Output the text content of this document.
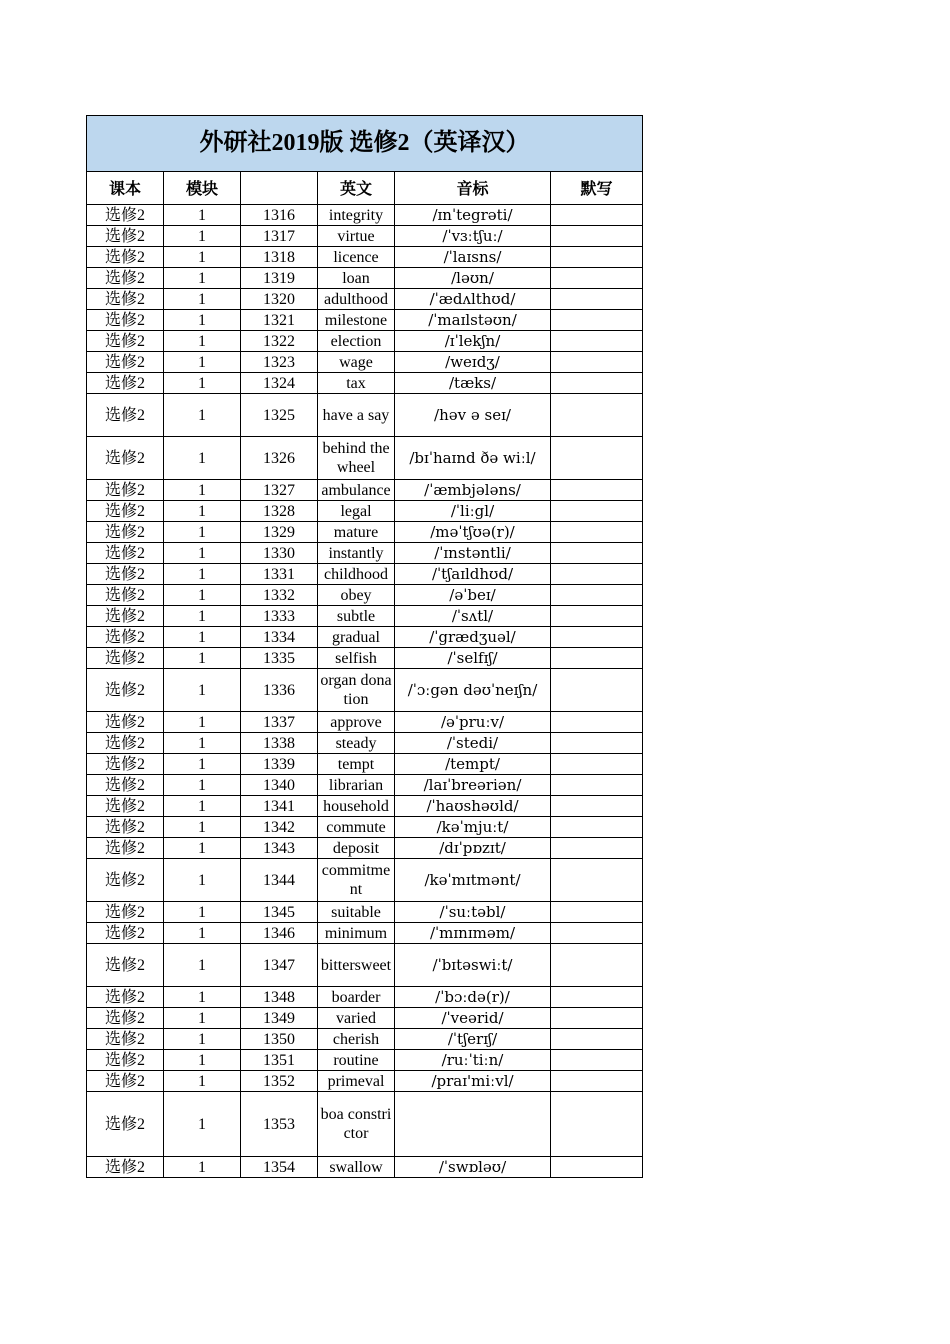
外研社2019版 选修2（英译汉）					
课本	模块		英文	音标	默写
选修2	1	1316	integrity	/ɪnˈtegrəti/	
选修2	1	1317	virtue	/ˈvɜːtʃuː/	
选修2	1	1318	licence	/ˈlaɪsns/	
选修2	1	1319	loan	/ləʊn/	
选修2	1	1320	adulthood	/ˈædʌlthʊd/	
选修2	1	1321	milestone	/ˈmaɪlstəʊn/	
选修2	1	1322	election	/ɪˈlekʃn/	
选修2	1	1323	wage	/weɪdʒ/	
选修2	1	1324	tax	/tæks/	
选修2	1	1325	have a say	/həv ə seɪ/	
选修2	1	1326	behind the wheel	/bɪˈhaɪnd ðə wiːl/	
选修2	1	1327	ambulance	/ˈæmbjələns/	
选修2	1	1328	legal	/ˈliːgl/	
选修2	1	1329	mature	/məˈtʃʊə(r)/	
选修2	1	1330	instantly	/ˈɪnstəntli/	
选修2	1	1331	childhood	/ˈtʃaɪldhʊd/	
选修2	1	1332	obey	/əˈbeɪ/	
选修2	1	1333	subtle	/ˈsʌtl/	
选修2	1	1334	gradual	/ˈgrædʒuəl/	
选修2	1	1335	selfish	/ˈselfɪʃ/	
选修2	1	1336	organ donation	/ˈɔːgən dəʊˈneɪʃn/	
选修2	1	1337	approve	/əˈpruːv/	
选修2	1	1338	steady	/ˈstedi/	
选修2	1	1339	tempt	/tempt/	
选修2	1	1340	librarian	/laɪˈbreəriən/	
选修2	1	1341	household	/ˈhaʊshəʊld/	
选修2	1	1342	commute	/kəˈmjuːt/	
选修2	1	1343	deposit	/dɪˈpɒzɪt/	
选修2	1	1344	commitment	/kəˈmɪtmənt/	
选修2	1	1345	suitable	/ˈsuːtəbl/	
选修2	1	1346	minimum	/ˈmɪnɪməm/	
选修2	1	1347	bittersweet	/ˈbɪtəswiːt/	
选修2	1	1348	boarder	/ˈbɔːdə(r)/	
选修2	1	1349	varied	/ˈveərid/	
选修2	1	1350	cherish	/ˈtʃerɪʃ/	
选修2	1	1351	routine	/ruːˈtiːn/	
选修2	1	1352	primeval	/praɪ'miːvl/	
选修2	1	1353	boa constrictor		
选修2	1	1354	swallow	/ˈswɒləʊ/	
